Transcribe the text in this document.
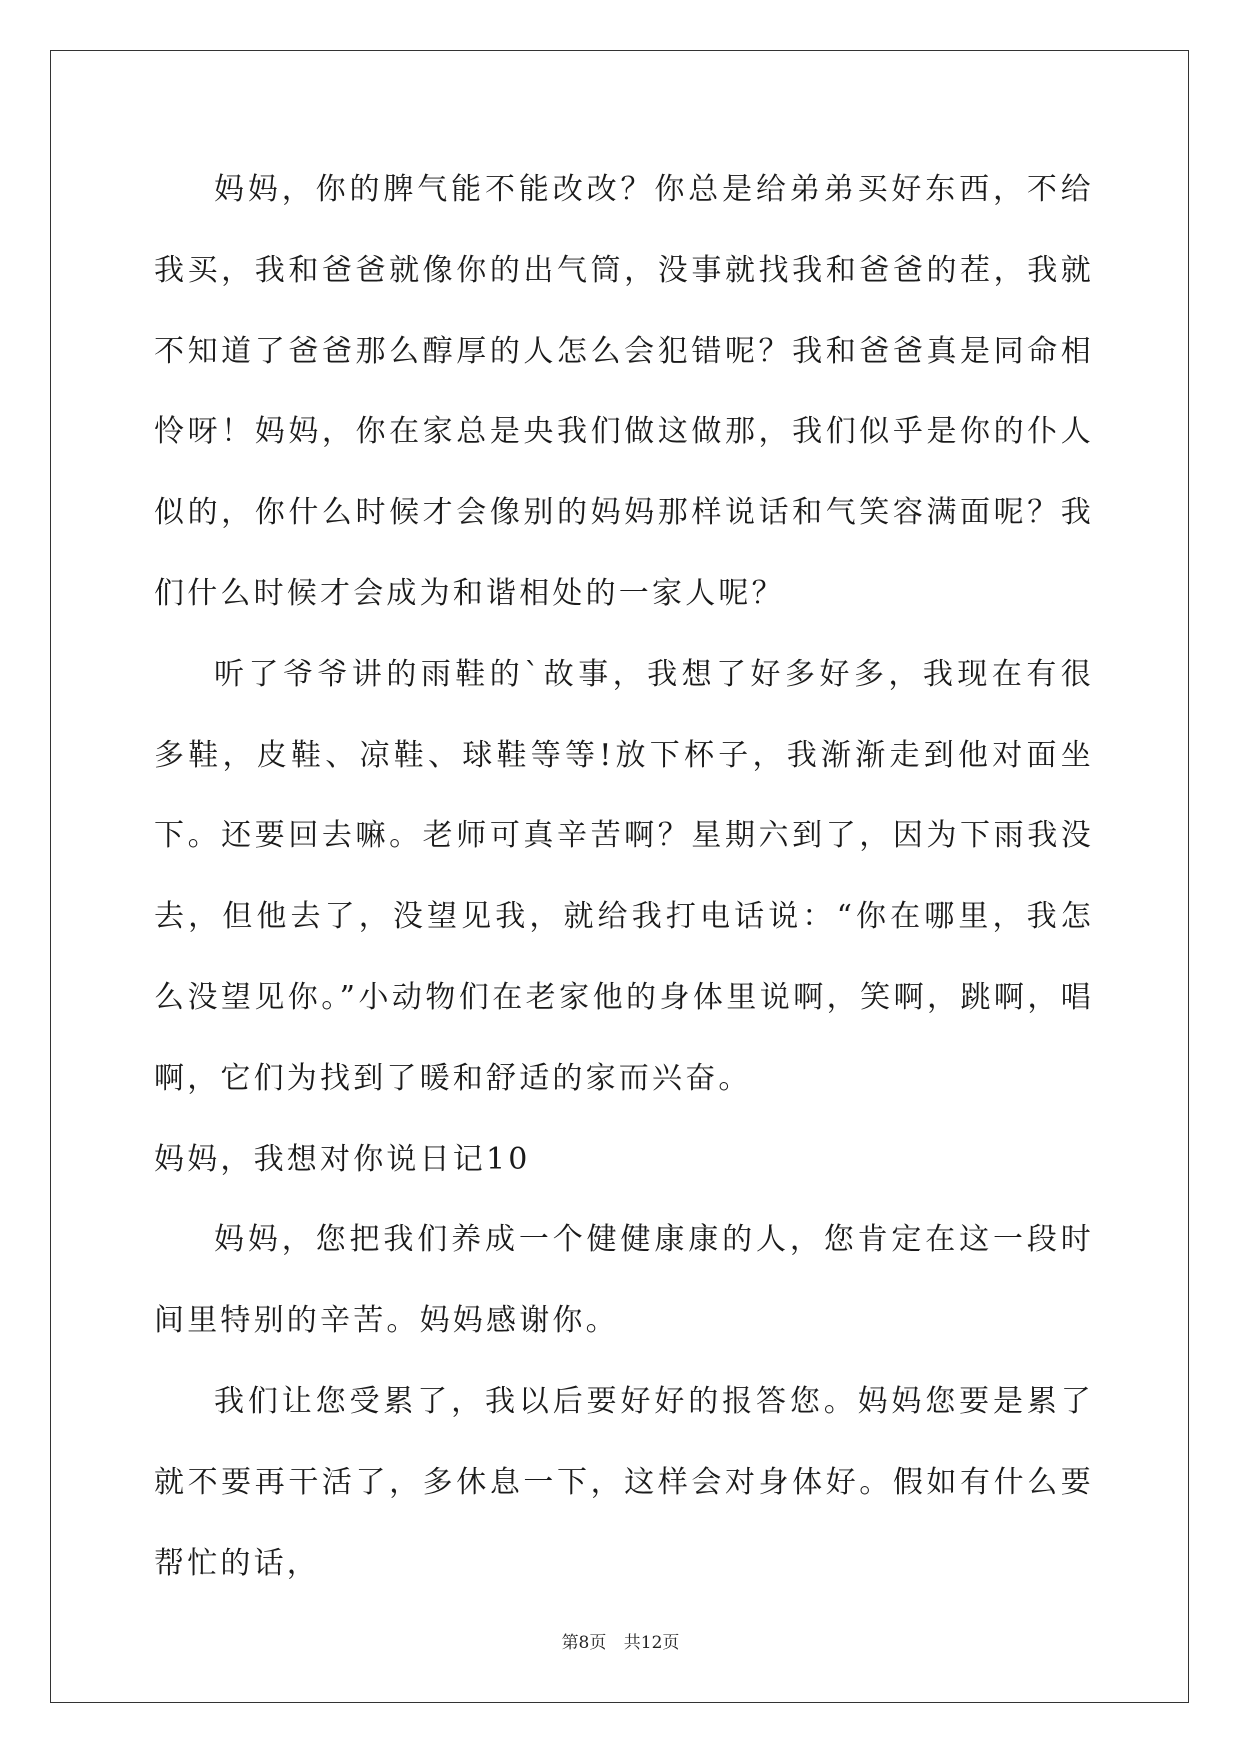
妈妈，你的脾气能不能改改？你总是给弟弟买好东西，不给我买，我和爸爸就像你的出气筒，没事就找我和爸爸的茬，我就不知道了爸爸那么醇厚的人怎么会犯错呢？我和爸爸真是同命相怜呀！妈妈，你在家总是央我们做这做那，我们似乎是你的仆人似的，你什么时候才会像别的妈妈那样说话和气笑容满面呢？我们什么时候才会成为和谐相处的一家人呢？

听了爷爷讲的雨鞋的`故事，我想了好多好多，我现在有很多鞋，皮鞋、凉鞋、球鞋等等!放下杯子，我渐渐走到他对面坐下。还要回去嘛。老师可真辛苦啊？星期六到了，因为下雨我没去，但他去了，没望见我，就给我打电话说：“你在哪里，我怎么没望见你。”小动物们在老家他的身体里说啊，笑啊，跳啊，唱啊，它们为找到了暖和舒适的家而兴奋。

妈妈，我想对你说日记10

妈妈，您把我们养成一个健健康康的人，您肯定在这一段时间里特别的辛苦。妈妈感谢你。

我们让您受累了，我以后要好好的报答您。妈妈您要是累了就不要再干活了，多休息一下，这样会对身体好。假如有什么要帮忙的话，

第8页 共12页
